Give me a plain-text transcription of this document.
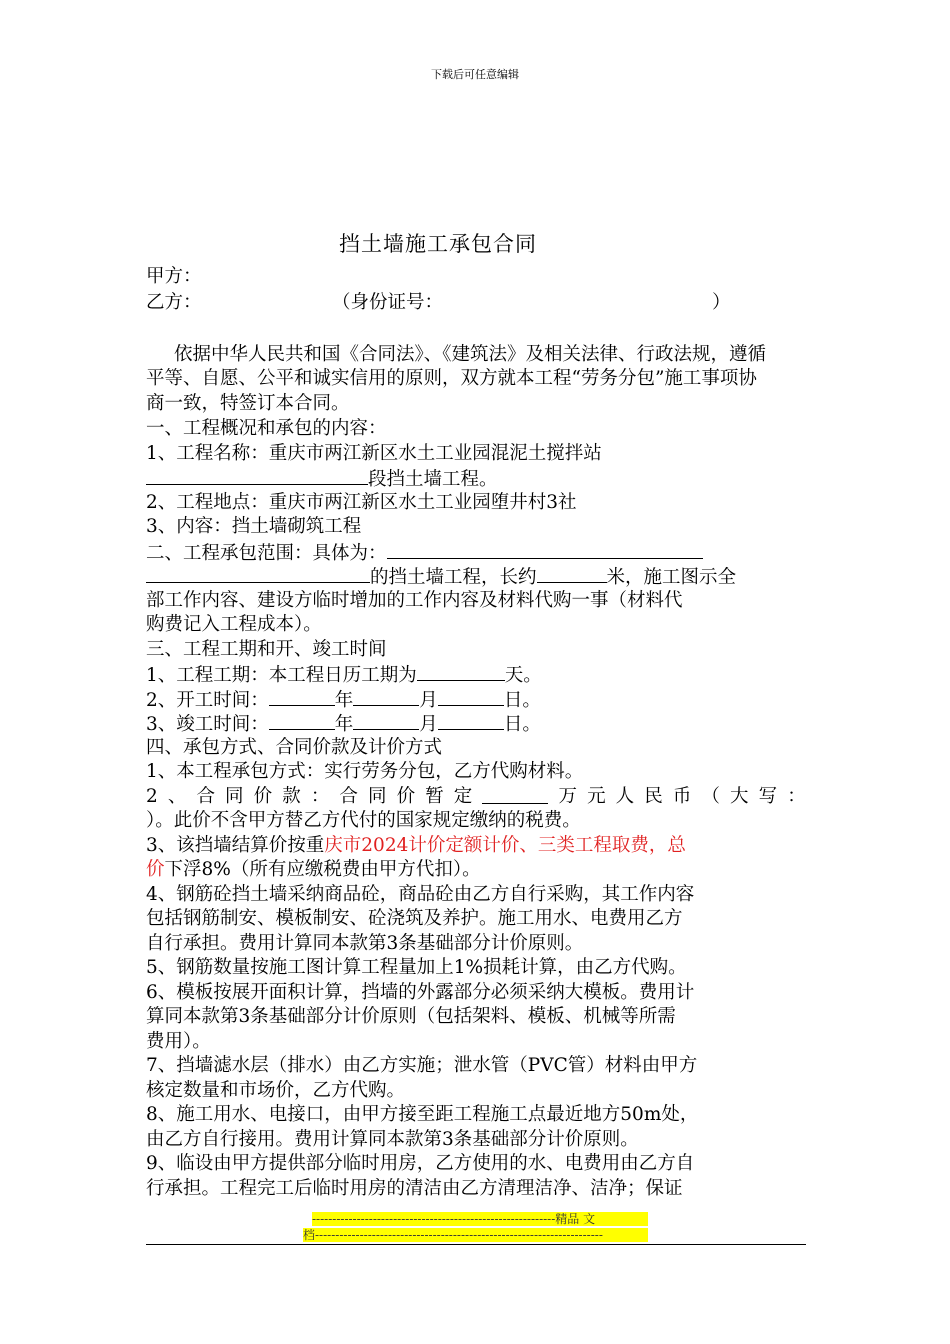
下载后可任意编辑
挡土墙施工承包合同
甲方：
乙方：	（身份证号：	）
依据中华人民共和国《合同法》、《建筑法》及相关法律、行政法规，遵循
平等、自愿、公平和诚实信用的原则，双方就本工程“劳务分包”施工事项协
商一致，特签订本合同。
一、工程概况和承包的内容：
1、工程名称：重庆市两江新区水土工业园混泥土搅拌站
段挡土墙工程。
2、工程地点：重庆市两江新区水土工业园堕井村3社
3、内容：挡土墙砌筑工程
二、工程承包范围：具体为：
的挡土墙工程，长约	米，施工图示全
部工作内容、建设方临时增加的工作内容及材料代购一事（材料代
购费记入工程成本）。
三、工程工期和开、竣工时间
1、工程工期：本工程日历工期为	天。
2、开工时间：	年	月	日。
3、竣工时间：	年	月	日。
四、承包方式、合同价款及计价方式
1、本工程承包方式：实行劳务分包，乙方代购材料。
2 、 合 同 价 款 ： 合 同 价 暂 定	万 元 人 民 币 （ 大 写 ：
）。此价不含甲方替乙方代付的国家规定缴纳的税费。
3、该挡墙结算价按重庆市2024计价定额计价、三类工程取费，总
价下浮8%（所有应缴税费由甲方代扣）。
4、钢筋砼挡土墙采纳商品砼，商品砼由乙方自行采购，其工作内容
包括钢筋制安、模板制安、砼浇筑及养护。施工用水、电费用乙方
自行承担。费用计算同本款第3条基础部分计价原则。
5、钢筋数量按施工图计算工程量加上1%损耗计算，由乙方代购。
6、模板按展开面积计算，挡墙的外露部分必须采纳大模板。费用计
算同本款第3条基础部分计价原则（包括架料、模板、机械等所需
费用）。
7、挡墙滤水层（排水）由乙方实施；泄水管（PVC管）材料由甲方
核定数量和市场价，乙方代购。
8、施工用水、电接口，由甲方接至距工程施工点最近地方50m处，
由乙方自行接用。费用计算同本款第3条基础部分计价原则。
9、临设由甲方提供部分临时用房，乙方使用的水、电费用由乙方自
行承担。工程完工后临时用房的清洁由乙方清理洁净、洁净；保证
------------------------------------------------------------精品 文
档-----------------------------------------------------------------------
